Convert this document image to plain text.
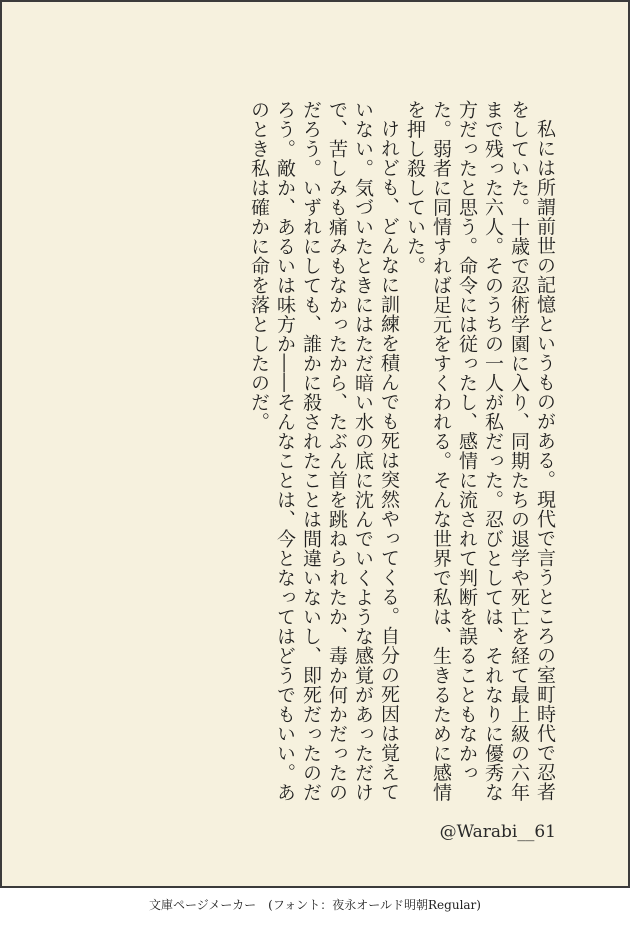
私には所謂前世の記憶というものがある。現代で言うところの室町時代で忍者をしていた。十歳で忍術学園に入り、同期たちの退学や死亡を経て最上級の六年まで残った六人。そのうちの一人が私だった。忍びとしては、それなりに優秀な方だったと思う。命令には従ったし、感情に流されて判断を誤ることもなかった。弱者に同情すれば足元をすくわれる。そんな世界で私は、生きるために感情を押し殺していた。

けれども、どんなに訓練を積んでも死は突然やってくる。自分の死因は覚えていない。気づいたときにはただ暗い水の底に沈んでいくような感覚があっただけで、苦しみも痛みもなかったから、たぶん首を跳ねられたか、毒か何かだったのだろう。いずれにしても、誰かに殺されたことは間違いないし、即死だったのだろう。敵か、あるいは味方か――そんなことは、今となってはどうでもいい。あのとき私は確かに命を落としたのだ。

@Warabi__61
文庫ページメーカー　(フォント：夜永オールド明朝Regular)
